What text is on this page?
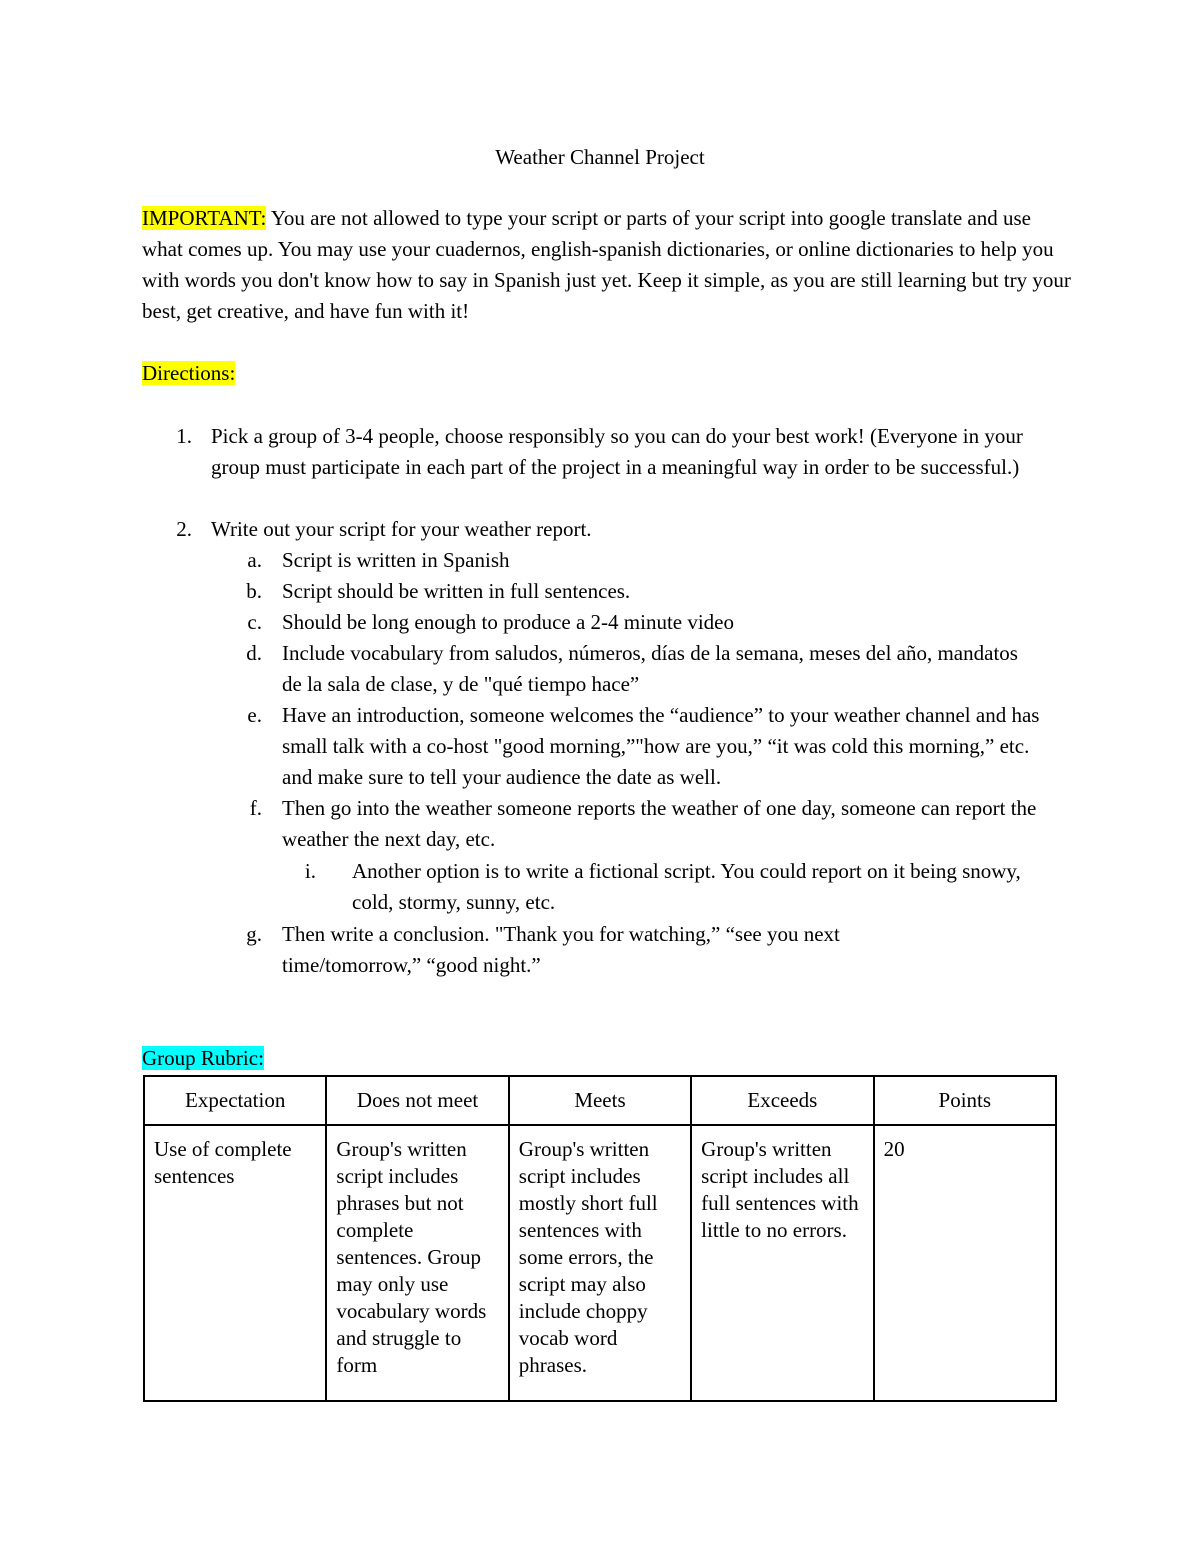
Weather Channel Project

IMPORTANT: You are not allowed to type your script or parts of your script into google translate and use what comes up. You may use your cuadernos, english-spanish dictionaries, or online dictionaries to help you with words you don't know how to say in Spanish just yet. Keep it simple, as you are still learning but try your best, get creative, and have fun with it!

Directions:

1. Pick a group of 3-4 people, choose responsibly so you can do your best work! (Everyone in your group must participate in each part of the project in a meaningful way in order to be successful.)

2. Write out your script for your weather report.

a. Script is written in Spanish

b. Script should be written in full sentences.

c. Should be long enough to produce a 2-4 minute video

d. Include vocabulary from saludos, números, días de la semana, meses del año, mandatos de la sala de clase, y de "qué tiempo hace”

e. Have an introduction, someone welcomes the “audience” to your weather channel and has small talk with a co-host "good morning,”"how are you,” “it was cold this morning,” etc. and make sure to tell your audience the date as well.

f. Then go into the weather someone reports the weather of one day, someone can report the weather the next day, etc.

i. Another option is to write a fictional script. You could report on it being snowy, cold, stormy, sunny, etc.

g. Then write a conclusion. "Thank you for watching,” “see you next time/tomorrow,” “good night.”

Group Rubric:
Expectation	Does not meet	Meets	Exceeds	Points
Use of complete sentences	Group's written script includes phrases but not complete sentences. Group may only use vocabulary words and struggle to form	Group's written script includes mostly short full sentences with some errors, the script may also include choppy vocab word phrases.	Group's written script includes all full sentences with little to no errors.	20
